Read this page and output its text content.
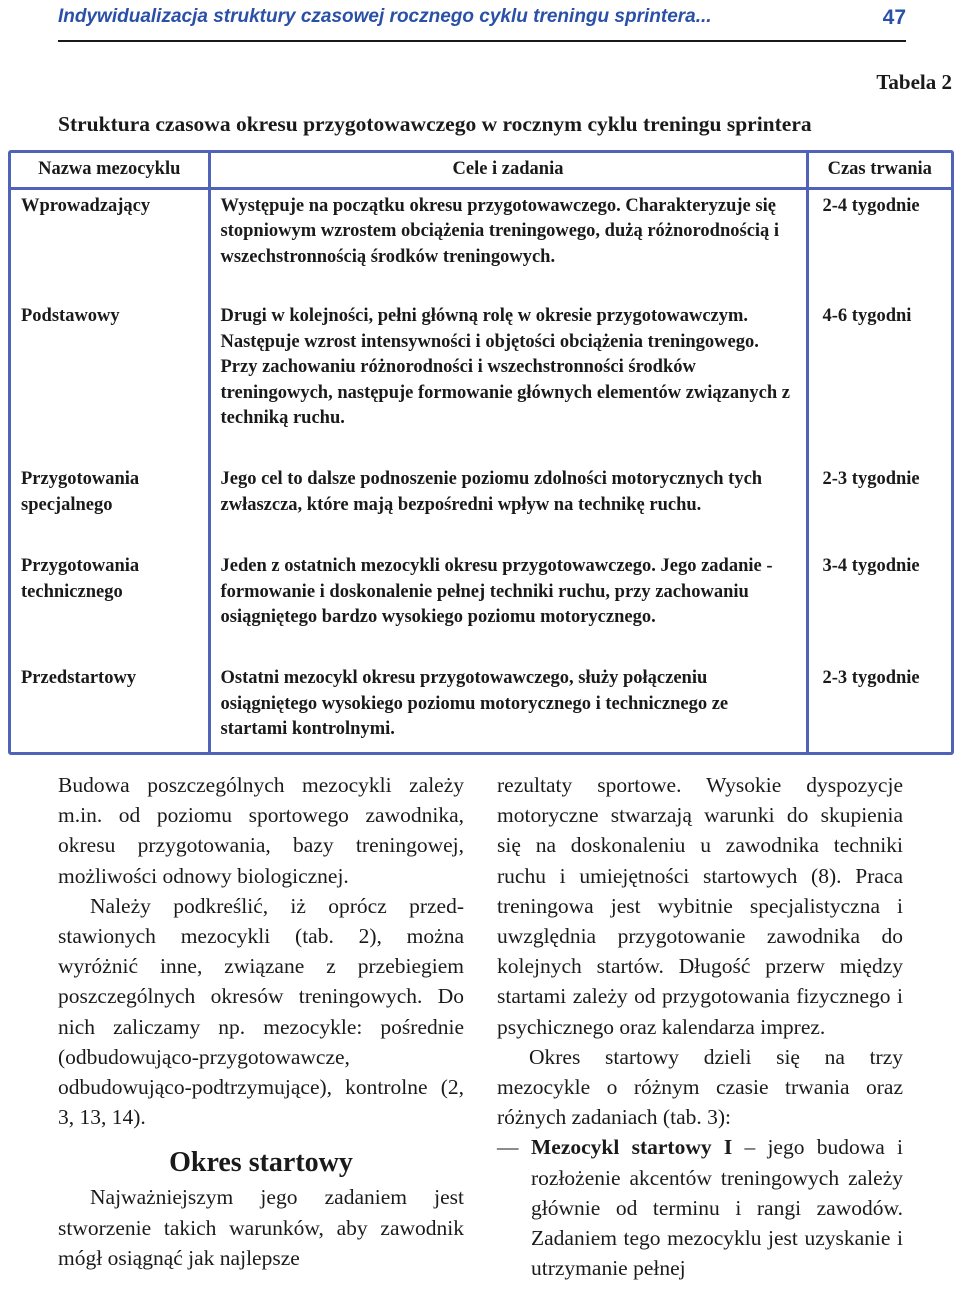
Indywidualizacja struktury czasowej rocznego cyklu treningu sprintera...	47
Tabela 2
Struktura czasowa okresu przygotowawczego w rocznym cyklu treningu sprintera
Nazwa mezocyklu	Cele i zadania	Czas trwania
Wprowadzający	Występuje na początku okresu przygotowawczego. Charakteryzuje się stopniowym wzrostem obciążenia treningowego, dużą różnorodnością i wszechstronnością środków treningowych.	2-4 tygodnie
Podstawowy	Drugi w kolejności, pełni główną rolę w okresie przygotowawczym. Następuje wzrost intensywności i objętości obciążenia treningowego. Przy zachowaniu różnorodności i wszechstronności środków treningowych, następuje formowanie głównych elementów związanych z techniką ruchu.	4-6 tygodni
Przygotowania specjalnego	Jego cel to dalsze podnoszenie poziomu zdolności motorycznych tych zwłaszcza, które mają bezpośredni wpływ na technikę ruchu.	2-3 tygodnie
Przygotowania technicznego	Jeden z ostatnich mezocykli okresu przygotowawczego. Jego zadanie - formowanie i doskonalenie pełnej techniki ruchu, przy zachowaniu osiągniętego bardzo wysokiego poziomu motorycznego.	3-4 tygodnie
Przedstartowy	Ostatni mezocykl okresu przygotowawczego, służy połączeniu osiągniętego wysokiego poziomu motorycznego i technicznego ze startami kontrolnymi.	2-3 tygodnie

Budowa poszczególnych mezocykli zależy m.in. od poziomu sportowego zawodnika, okresu przygotowania, bazy treningowej, możliwości odnowy biologicznej.

Należy podkreślić, iż oprócz przedstawionych mezocykli (tab. 2), można wyróżnić inne, związane z przebiegiem poszczególnych okresów treningowych. Do nich zaliczamy np. mezocykle: pośrednie (odbudowująco-przygotowawcze, odbudowująco-podtrzymujące), kontrolne (2, 3, 13, 14).

Okres startowy

Najważniejszym jego zadaniem jest stworzenie takich warunków, aby zawodnik mógł osiągnąć jak najlepsze

rezultaty sportowe. Wysokie dyspozycje motoryczne stwarzają warunki do skupienia się na doskonaleniu u zawodnika techniki ruchu i umiejętności startowych (8). Praca treningowa jest wybitnie specjalistyczna i uwzględnia przygotowanie zawodnika do kolejnych startów. Długość przerw między startami zależy od przygotowania fizycznego i psychicznego oraz kalendarza imprez.

Okres startowy dzieli się na trzy mezocykle o różnym czasie trwania oraz różnych zadaniach (tab. 3):

— Mezocykl startowy I – jego budowa i rozłożenie akcentów treningowych zależy głównie od terminu i rangi zawodów. Zadaniem tego mezocyklu jest uzyskanie i utrzymanie pełnej
